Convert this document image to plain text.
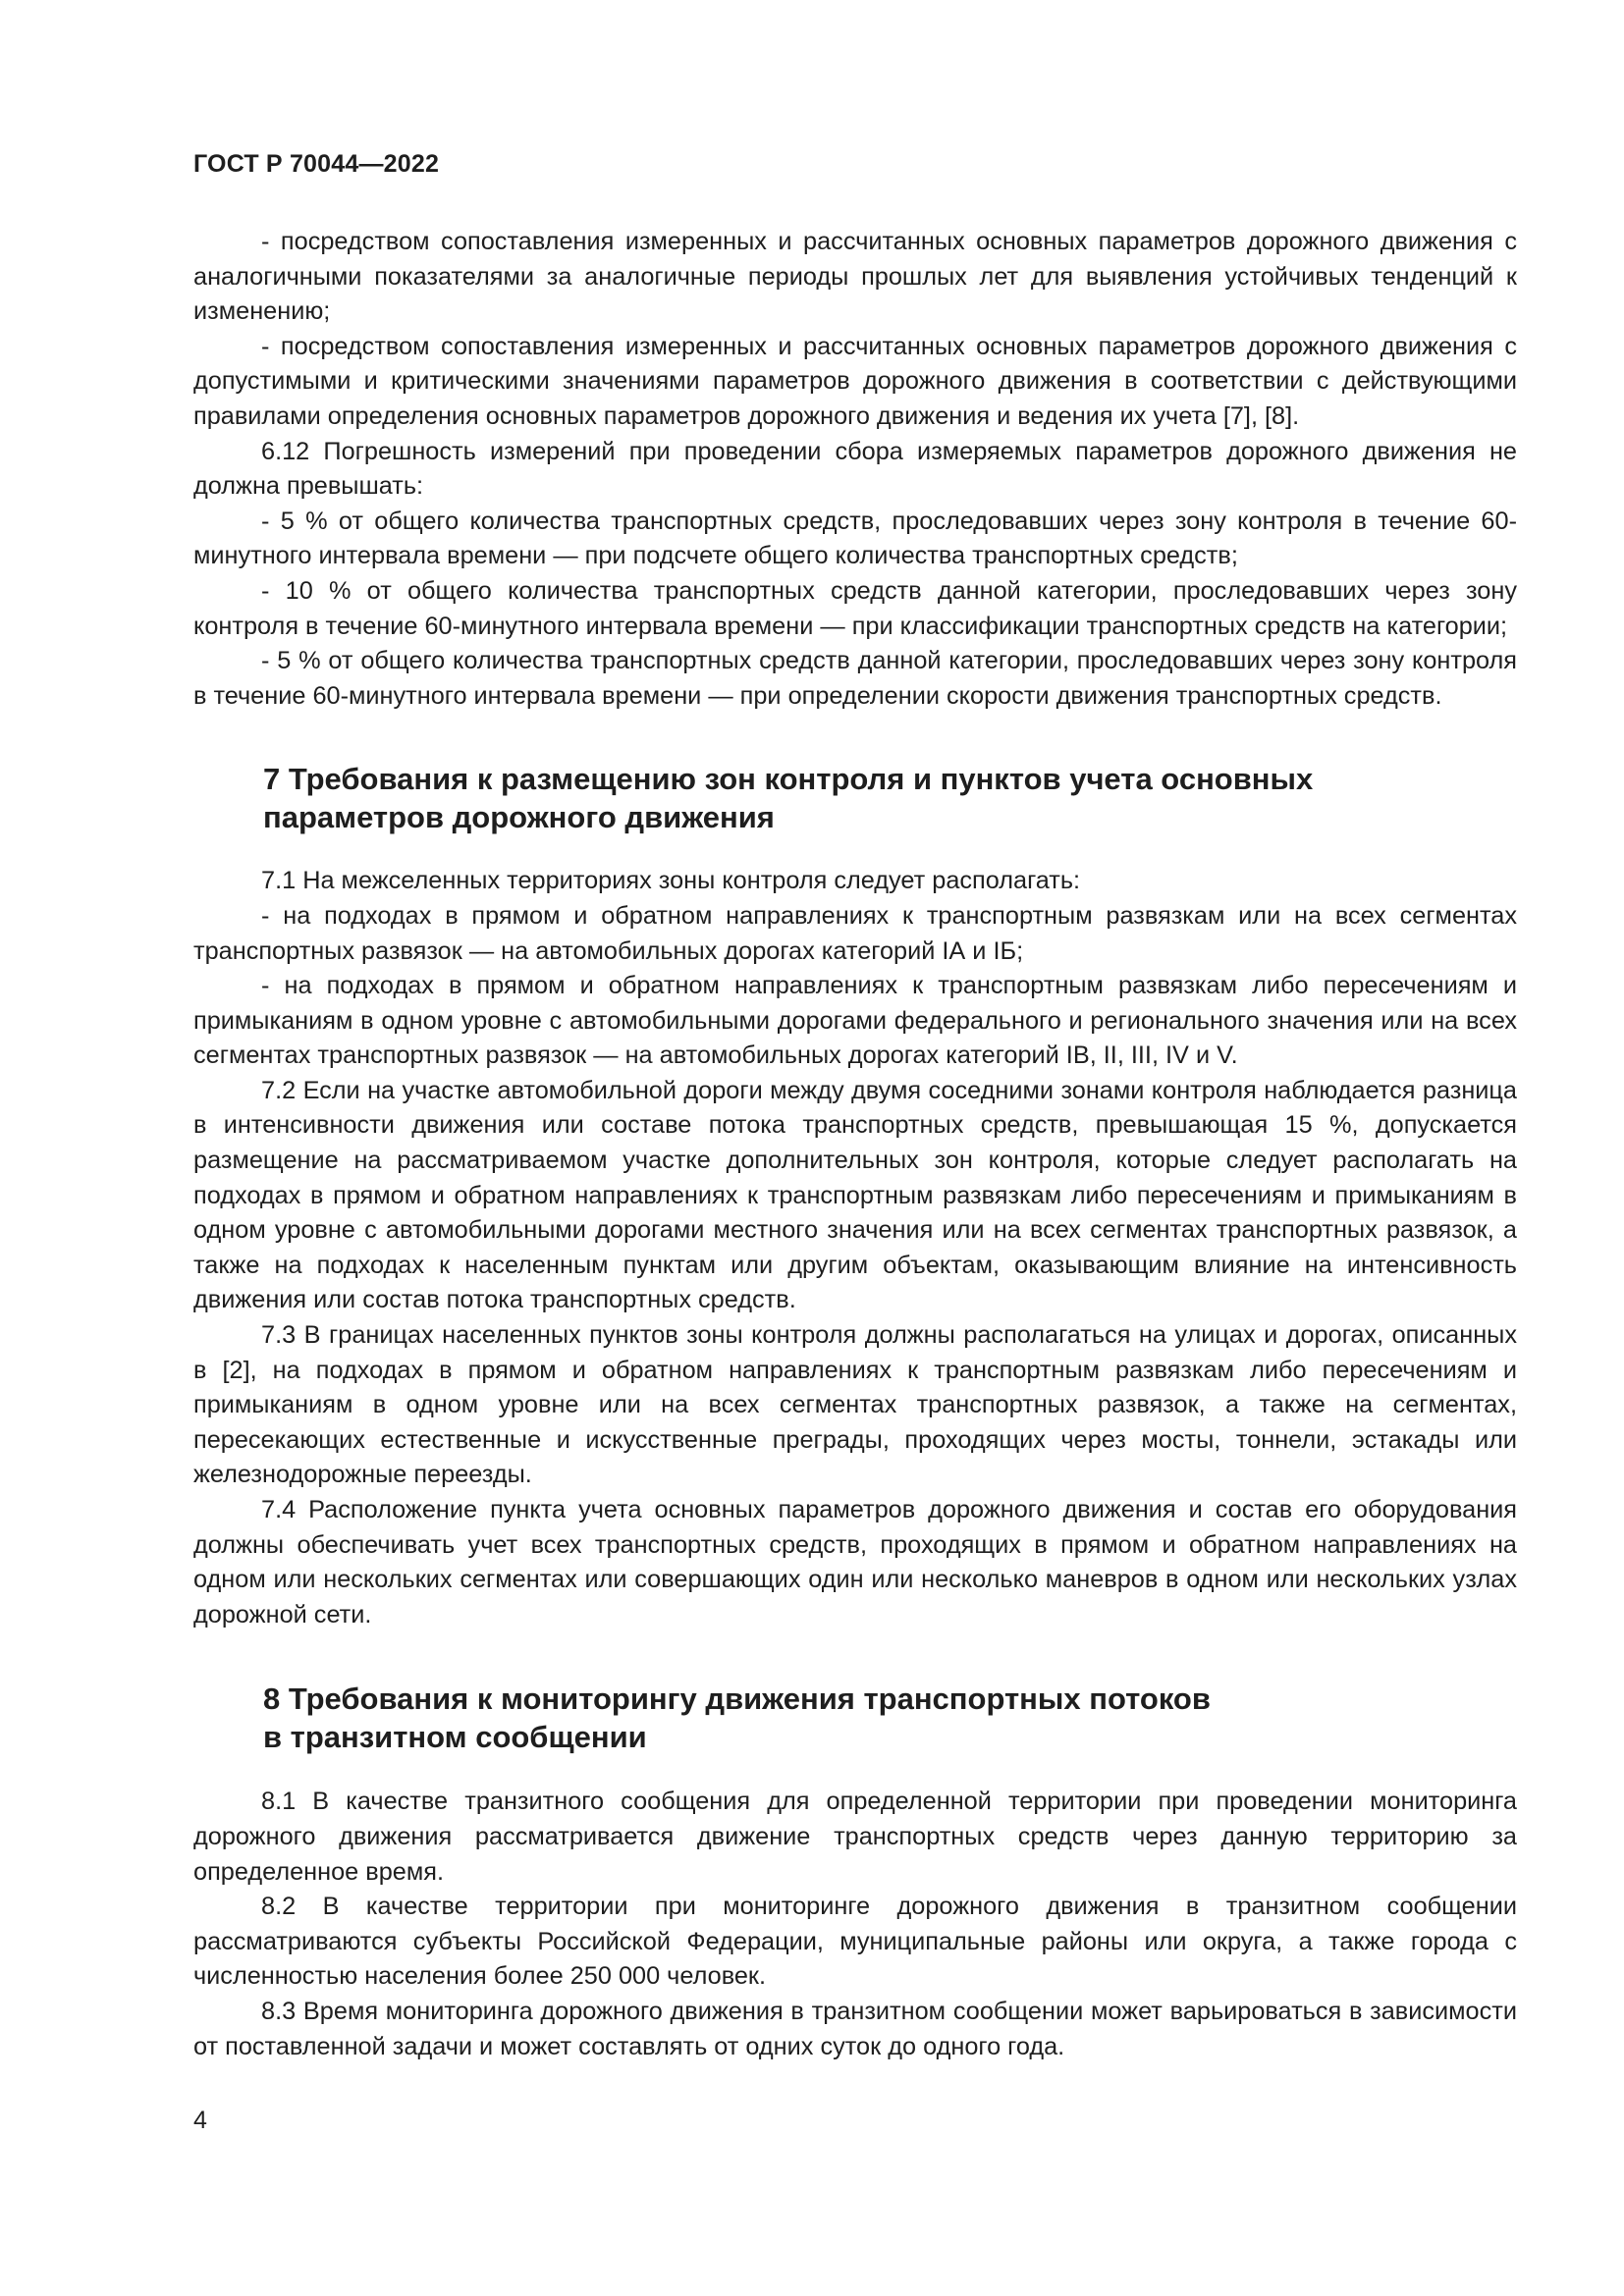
ГОСТ Р 70044—2022

- посредством сопоставления измеренных и рассчитанных основных параметров дорожного движения с аналогичными показателями за аналогичные периоды прошлых лет для выявления устойчивых тенденций к изменению;

- посредством сопоставления измеренных и рассчитанных основных параметров дорожного движения с допустимыми и критическими значениями параметров дорожного движения в соответствии с действующими правилами определения основных параметров дорожного движения и ведения их учета [7], [8].

6.12 Погрешность измерений при проведении сбора измеряемых параметров дорожного движения не должна превышать:

- 5 % от общего количества транспортных средств, проследовавших через зону контроля в течение 60-минутного интервала времени — при подсчете общего количества транспортных средств;

- 10 % от общего количества транспортных средств данной категории, проследовавших через зону контроля в течение 60-минутного интервала времени — при классификации транспортных средств на категории;

- 5 % от общего количества транспортных средств данной категории, проследовавших через зону контроля в течение 60-минутного интервала времени — при определении скорости движения транспортных средств.

7 Требования к размещению зон контроля и пунктов учета основных
параметров дорожного движения

7.1 На межселенных территориях зоны контроля следует располагать:

- на подходах в прямом и обратном направлениях к транспортным развязкам или на всех сегментах транспортных развязок — на автомобильных дорогах категорий IА и IБ;

- на подходах в прямом и обратном направлениях к транспортным развязкам либо пересечениям и примыканиям в одном уровне с автомобильными дорогами федерального и регионального значения или на всех сегментах транспортных развязок — на автомобильных дорогах категорий IB, II, III, IV и V.

7.2 Если на участке автомобильной дороги между двумя соседними зонами контроля наблюдается разница в интенсивности движения или составе потока транспортных средств, превышающая 15 %, допускается размещение на рассматриваемом участке дополнительных зон контроля, которые следует располагать на подходах в прямом и обратном направлениях к транспортным развязкам либо пересечениям и примыканиям в одном уровне с автомобильными дорогами местного значения или на всех сегментах транспортных развязок, а также на подходах к населенным пунктам или другим объектам, оказывающим влияние на интенсивность движения или состав потока транспортных средств.

7.3 В границах населенных пунктов зоны контроля должны располагаться на улицах и дорогах, описанных в [2], на подходах в прямом и обратном направлениях к транспортным развязкам либо пересечениям и примыканиям в одном уровне или на всех сегментах транспортных развязок, а также на сегментах, пересекающих естественные и искусственные преграды, проходящих через мосты, тоннели, эстакады или железнодорожные переезды.

7.4 Расположение пункта учета основных параметров дорожного движения и состав его оборудования должны обеспечивать учет всех транспортных средств, проходящих в прямом и обратном направлениях на одном или нескольких сегментах или совершающих один или несколько маневров в одном или нескольких узлах дорожной сети.

8 Требования к мониторингу движения транспортных потоков
в транзитном сообщении

8.1 В качестве транзитного сообщения для определенной территории при проведении мониторинга дорожного движения рассматривается движение транспортных средств через данную территорию за определенное время.

8.2 В качестве территории при мониторинге дорожного движения в транзитном сообщении рассматриваются субъекты Российской Федерации, муниципальные районы или округа, а также города с численностью населения более 250 000 человек.

8.3 Время мониторинга дорожного движения в транзитном сообщении может варьироваться в зависимости от поставленной задачи и может составлять от одних суток до одного года.

4
